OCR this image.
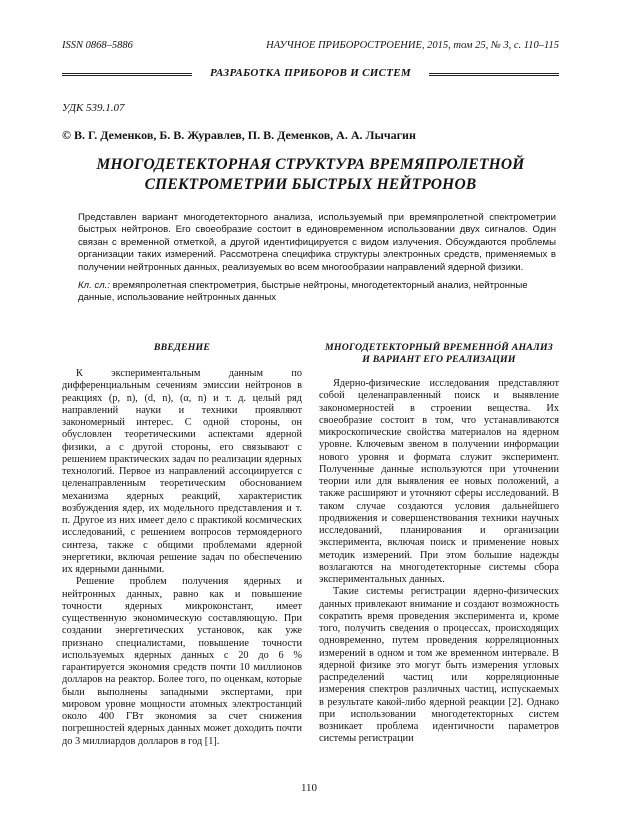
ISSN 0868–5886	НАУЧНОЕ ПРИБОРОСТРОЕНИЕ, 2015, том 25, № 3, с. 110–115
РАЗРАБОТКА ПРИБОРОВ И СИСТЕМ
УДК 539.1.07
© В. Г. Деменков, Б. В. Журавлев, П. В. Деменков, А. А. Лычагин
МНОГОДЕТЕКТОРНАЯ СТРУКТУРА ВРЕМЯПРОЛЕТНОЙ
СПЕКТРОМЕТРИИ БЫСТРЫХ НЕЙТРОНОВ

Представлен вариант многодетекторного анализа, используемый при времяпролетной спектрометрии быстрых нейтронов. Его своеобразие состоит в единовременном использовании двух сигналов. Один связан с временной отметкой, а другой идентифицируется с видом излучения. Обсуждаются проблемы организации таких измерений. Рассмотрена специфика структуры электронных средств, применяемых в получении нейтронных данных, реализуемых во всем многообразии направлений ядерной физики.

Кл. сл.: времяпролетная спектрометрия, быстрые нейтроны, многодетекторный анализ, нейтронные данные, использование нейтронных данных
ВВЕДЕНИЕ

К экспериментальным данным по дифференциальным сечениям эмиссии нейтронов в реакциях (p, n), (d, n), (α, n) и т. д. целый ряд направлений науки и техники проявляют закономерный интерес. С одной стороны, он обусловлен теоретическими аспектами ядерной физики, а с другой стороны, его связывают с решением практических задач по реализации ядерных технологий. Первое из направлений ассоциируется с целенаправленным теоретическим обоснованием механизма ядерных реакций, характеристик возбуждения ядер, их модельного представления и т. п. Другое из них имеет дело с практикой космических исследований, с решением вопросов термоядерного синтеза, также с общими проблемами ядерной энергетики, включая решение задач по обеспечению их ядерными данными.

Решение проблем получения ядерных и нейтронных данных, равно как и повышение точности ядерных микроконстант, имеет существенную экономическую составляющую. При создании энергетических установок, как уже признано специалистами, повышение точности используемых ядерных данных с 20 до 6 % гарантируется экономия средств почти 10 миллионов долларов на реактор. Более того, по оценкам, которые были выполнены западными экспертами, при мировом уровне мощности атомных электростанций около 400 ГВт экономия за счет снижения погрешностей ядерных данных может доходить почти до 3 миллиардов долларов в год [1].

МНОГОДЕТЕКТОРНЫЙ ВРЕМЕННО́Й АНАЛИЗ
И ВАРИАНТ ЕГО РЕАЛИЗАЦИИ

Ядерно-физические исследования представляют собой целенаправленный поиск и выявление закономерностей в строении вещества. Их своеобразие состоит в том, что устанавливаются микроскопические свойства материалов на ядерном уровне. Ключевым звеном в получении информации нового уровня и формата служит эксперимент. Полученные данные используются при уточнении теории или для выявления ее новых положений, а также расширяют и уточняют сферы исследований. В таком случае создаются условия дальнейшего продвижения и совершенствования техники научных исследований, планирования и организации эксперимента, включая поиск и применение новых методик измерений. При этом большие надежды возлагаются на многодетекторные системы сбора экспериментальных данных.

Такие системы регистрации ядерно-физических данных привлекают внимание и создают возможность сократить время проведения эксперимента и, кроме того, получить сведения о процессах, происходящих одновременно, путем проведения корреляционных измерений в одном и том же временно́м интервале. В ядерной физике это могут быть измерения угловых распределений частиц или корреляционные измерения спектров различных частиц, испускаемых в результате какой-либо ядерной реакции [2]. Однако при использовании многодетекторных систем возникает проблема идентичности параметров системы регистрации

110
